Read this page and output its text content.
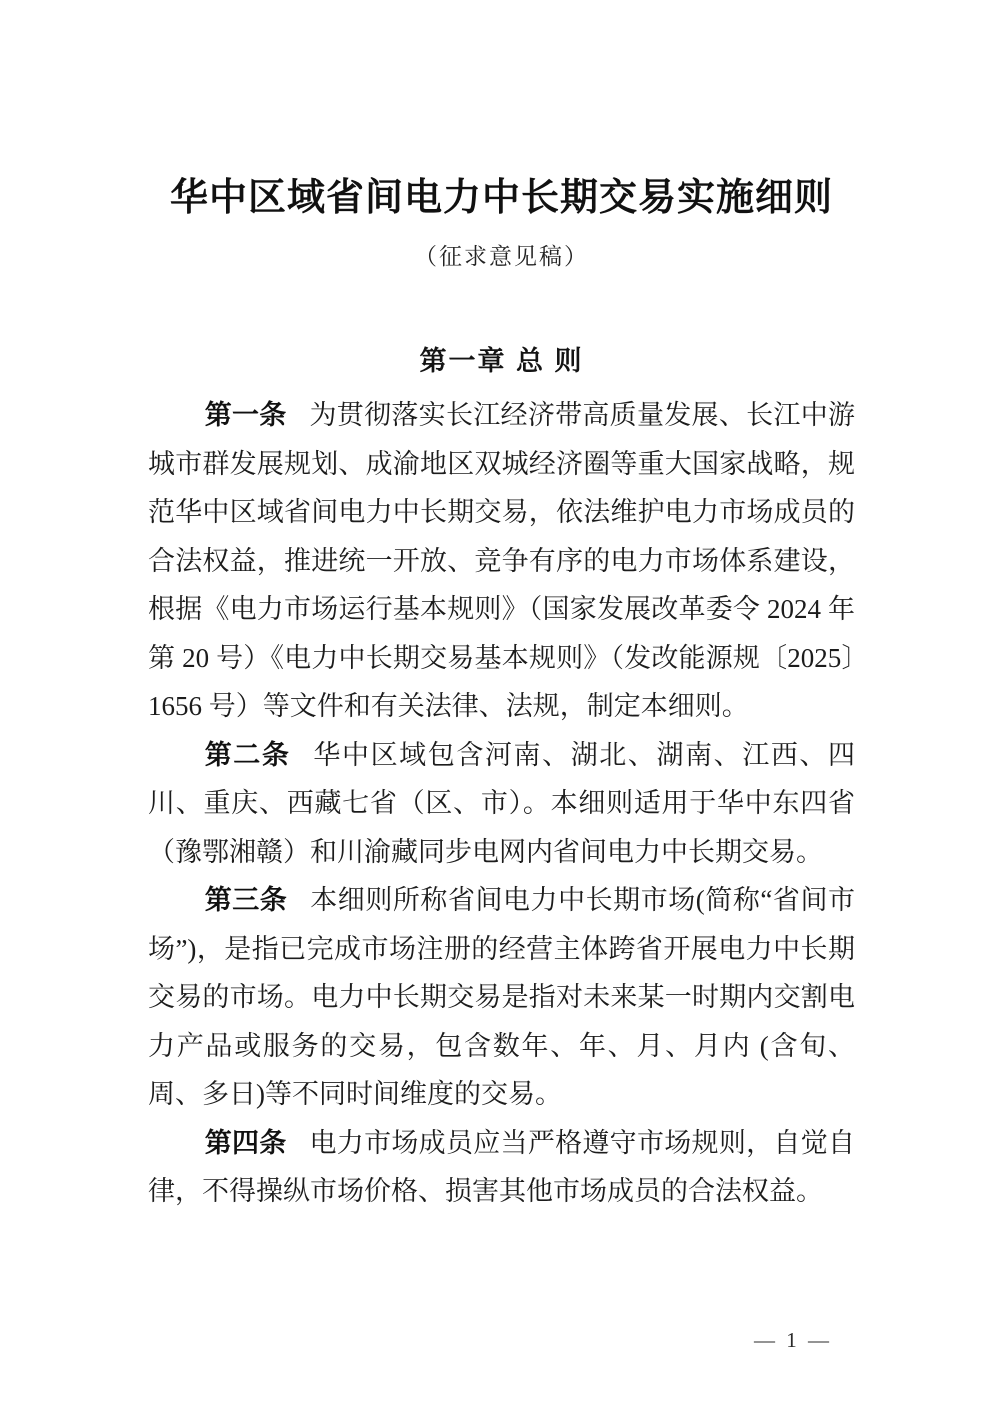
华中区域省间电力中长期交易实施细则

（征求意见稿）

第一章 总 则

第一条 为贯彻落实长江经济带高质量发展、长江中游城市群发展规划、成渝地区双城经济圈等重大国家战略，规范华中区域省间电力中长期交易，依法维护电力市场成员的合法权益，推进统一开放、竞争有序的电力市场体系建设，根据《电力市场运行基本规则》（国家发展改革委令 2024 年第 20 号）《电力中长期交易基本规则》（发改能源规〔2025〕1656 号）等文件和有关法律、法规，制定本细则。

第二条 华中区域包含河南、湖北、湖南、江西、四川、重庆、西藏七省（区、市）。本细则适用于华中东四省（豫鄂湘赣）和川渝藏同步电网内省间电力中长期交易。

第三条 本细则所称省间电力中长期市场(简称“省间市场”)，是指已完成市场注册的经营主体跨省开展电力中长期交易的市场。电力中长期交易是指对未来某一时期内交割电力产品或服务的交易，包含数年、年、月、月内 (含旬、周、多日)等不同时间维度的交易。

第四条 电力市场成员应当严格遵守市场规则，自觉自律，不得操纵市场价格、损害其他市场成员的合法权益。

— 1 —
